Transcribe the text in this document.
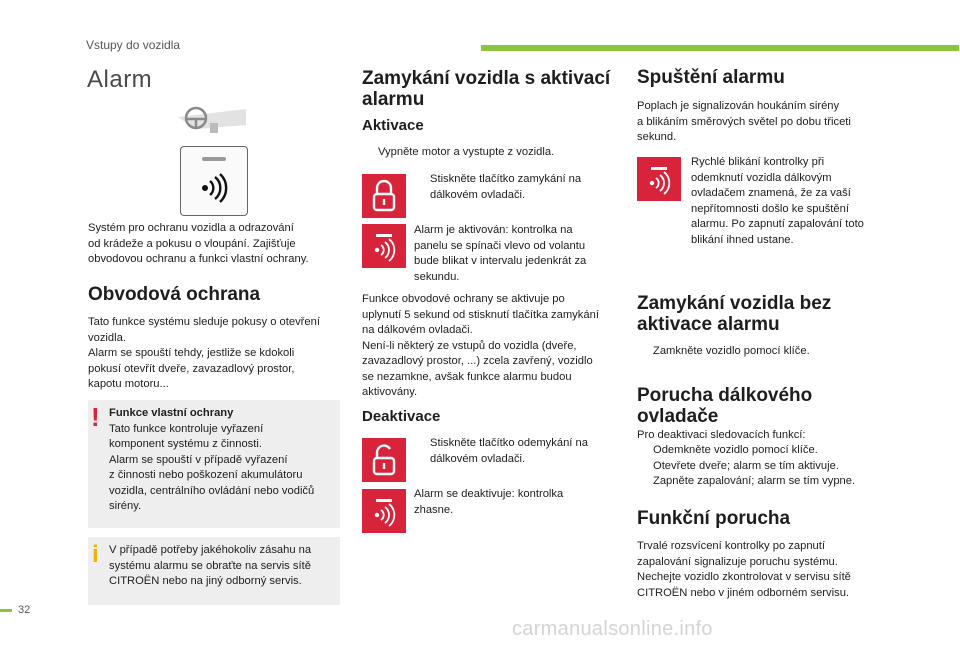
Vstupy do vozidla
Alarm

Systém pro ochranu vozidla a odrazování

od krádeže a pokusu o vloupání. Zajišťuje

obvodovou ochranu a funkci vlastní ochrany.

Obvodová ochrana

Tato funkce systému sleduje pokusy o otevření

vozidla.

Alarm se spouští tehdy, jestliže se kdokoli

pokusí otevřít dveře, zavazadlový prostor,

kapotu motoru...

! Funkce vlastní ochrany

Tato funkce kontroluje vyřazení

komponent systému z činnosti.

Alarm se spouští v případě vyřazení

z činnosti nebo poškození akumulátoru

vozidla, centrálního ovládání nebo vodičů

sirény.

i V případě potřeby jakéhokoliv zásahu na

systému alarmu se obraťte na servis sítě

CITROËN nebo na jiný odborný servis.

Zamykání vozidla s aktivací
alarmu
Aktivace
Vypněte motor a vystupte z vozidla.

Stiskněte tlačítko zamykání na

dálkovém ovladači.

Alarm je aktivován: kontrolka na

panelu se spínači vlevo od volantu

bude blikat v intervalu jedenkrát za

sekundu.

Funkce obvodové ochrany se aktivuje po

uplynutí 5 sekund od stisknutí tlačítka zamykání

na dálkovém ovladači.

Není-li některý ze vstupů do vozidla (dveře,

zavazadlový prostor, ...) zcela zavřený, vozidlo

se nezamkne, avšak funkce alarmu budou

aktivovány.

Deaktivace

Stiskněte tlačítko odemykání na

dálkovém ovladači.

Alarm se deaktivuje: kontrolka

zhasne.

Spuštění alarmu

Poplach je signalizován houkáním sirény

a blikáním směrových světel po dobu třiceti

sekund.

Rychlé blikání kontrolky při

odemknutí vozidla dálkovým

ovladačem znamená, že za vaší

nepřítomnosti došlo ke spuštění

alarmu. Po zapnutí zapalování toto

blikání ihned ustane.

Zamykání vozidla bez
aktivace alarmu
Zamkněte vozidlo pomocí klíče.
Porucha dálkového
ovladače
Pro deaktivaci sledovacích funkcí:
Odemkněte vozidlo pomocí klíče.
Otevřete dveře; alarm se tím aktivuje.
Zapněte zapalování; alarm se tím vypne.
Funkční porucha

Trvalé rozsvícení kontrolky po zapnutí

zapalování signalizuje poruchu systému.

Nechejte vozidlo zkontrolovat v servisu sítě

CITROËN nebo v jiném odborném servisu.

32
carmanualsonline.info
